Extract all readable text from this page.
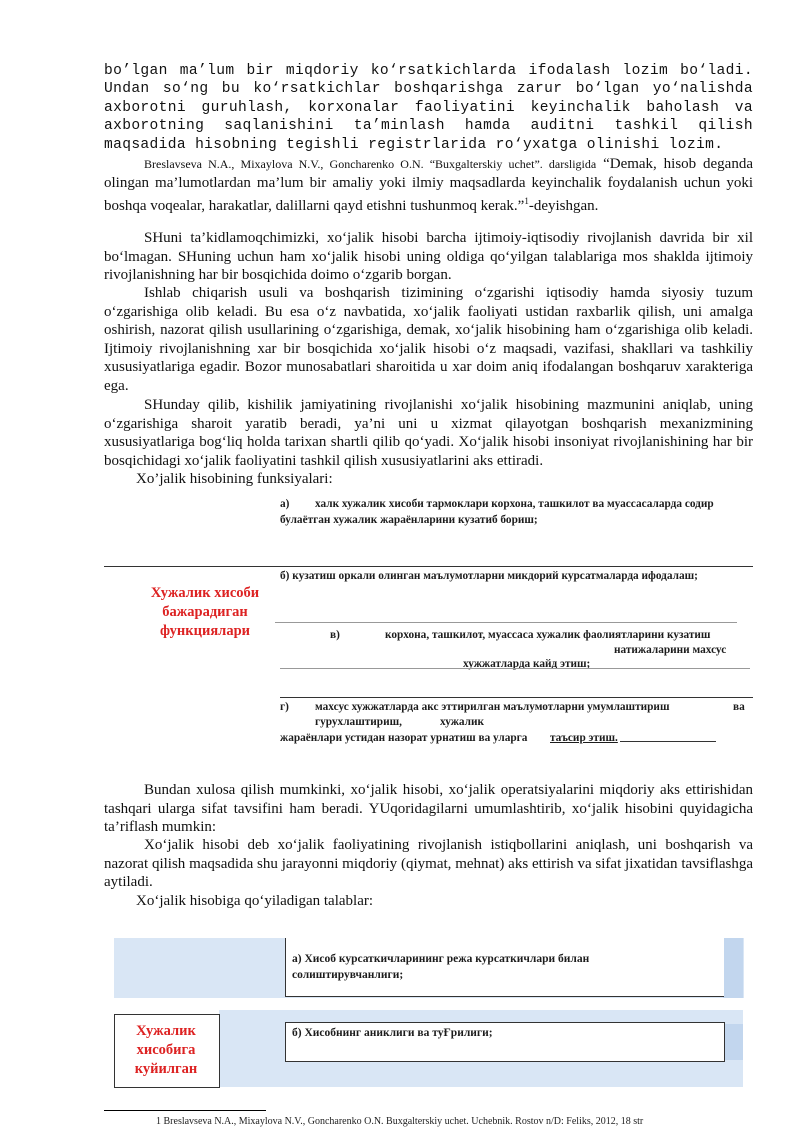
bo’lgan ma’lum bir miqdoriy ko‘rsatkichlarda ifodalash lozim bo‘ladi. Undan so‘ng bu ko‘rsatkichlar boshqarishga zarur bo‘lgan yo‘nalishda axborotni guruhlash, korxonalar faoliyatini keyinchalik baholash va axborotning saqlanishini ta’minlash hamda auditni tashkil qilish maqsadida hisobning tegishli registrlarida ro‘yxatga olinishi lozim.

Breslavseva N.A., Mixaylova N.V., Goncharenko O.N. “Buxgalterskiy uchet”. darsligida “Demak, hisob deganda olingan ma’lumotlardan ma’lum bir amaliy yoki ilmiy maqsadlarda keyinchalik foydalanish uchun yoki boshqa voqealar, harakatlar, dalillarni qayd etishni tushunmoq kerak.”$^1$-deyishgan.

SHuni ta’kidlamoqchimizki, xo‘jalik hisobi barcha ijtimoiy-iqtisodiy rivojlanish davrida bir xil bo‘lmagan. SHuning uchun ham xo‘jalik hisobi uning oldiga qo‘yilgan talablariga mos shaklda ijtimoiy rivojlanishning har bir bosqichida doimo o‘zgarib borgan.

Ishlab chiqarish usuli va boshqarish tizimining o‘zgarishi iqtisodiy hamda siyosiy tuzum o‘zgarishiga olib keladi. Bu esa o‘z navbatida, xo‘jalik faoliyati ustidan raxbarlik qilish, uni amalga oshirish, nazorat qilish usullarining o‘zgarishiga, demak, xo‘jalik hisobining ham o‘zgarishiga olib keladi. Ijtimoiy rivojlanishning xar bir bosqichida xo‘jalik hisobi o‘z maqsadi, vazifasi, shakllari va tashkiliy xususiyatlariga egadir. Bozor munosabatlari sharoitida u xar doim aniq ifodalangan boshqaruv xarakteriga ega.

SHunday qilib, kishilik jamiyatining rivojlanishi xo‘jalik hisobining mazmunini aniqlab, uning o‘zgarishiga sharoit yaratib beradi, ya’ni uni u xizmat qilayotgan boshqarish mexanizmining xususiyatlariga bog‘liq holda tarixan shartli qilib qo‘yadi. Xo‘jalik hisobi insoniyat rivojlanishining har bir bosqichidagi xo‘jalik faoliyatini tashkil qilish xususiyatlarini aks ettiradi.

Xo’jalik hisobining funksiyalari:

а) халк хужалик хисоби тармоклари корхона, ташкилот ва муассасаларда содир
булаётган хужалик жараёнларини кузатиб бориш;
б) кузатиш оркали олинган маълумотларни микдорий курсатмаларда ифодалаш;
Хужалик хисоби бажарадиган функциялари	в)	корхона, ташкилот, муассаса хужалик фаолиятларини кузатиш
натижаларини махсус
хужжатларда кайд этиш;
г) махсус хужжатларда акс эттирилган маълумотларни умумлаштириш	ва
гурухлаштириш,	хужалик
жараёнлари устидан назорат урнатиш ва уларга таъсир этиш.

Bundan xulosa qilish mumkinki, xo‘jalik hisobi, xo‘jalik operatsiyalarini miqdoriy aks ettirishidan tashqari ularga sifat tavsifini ham beradi. YUqoridagilarni umumlashtirib, xo‘jalik hisobini quyidagicha ta’riflash mumkin:

Xo‘jalik hisobi deb xo‘jalik faoliyatining rivojlanish istiqbollarini aniqlash, uni boshqarish va nazorat qilish maqsadida shu jarayonni miqdoriy (qiymat, mehnat) aks ettirish va sifat jixatidan tavsiflashga aytiladi.

Xo‘jalik hisobiga qo‘yiladigan talablar:

а) Хисоб курсаткичларининг режа курсаткичлари билан солиштирувчанлиги;
б) Хисобнинг аниклиги ва туҒрилиги;
Хужалик хисобига куйилган
1 Breslavseva N.A., Mixaylova N.V., Goncharenko O.N. Buxgalterskiy uchet. Uchebnik. Rostov n/D: Feliks, 2012, 18 str
